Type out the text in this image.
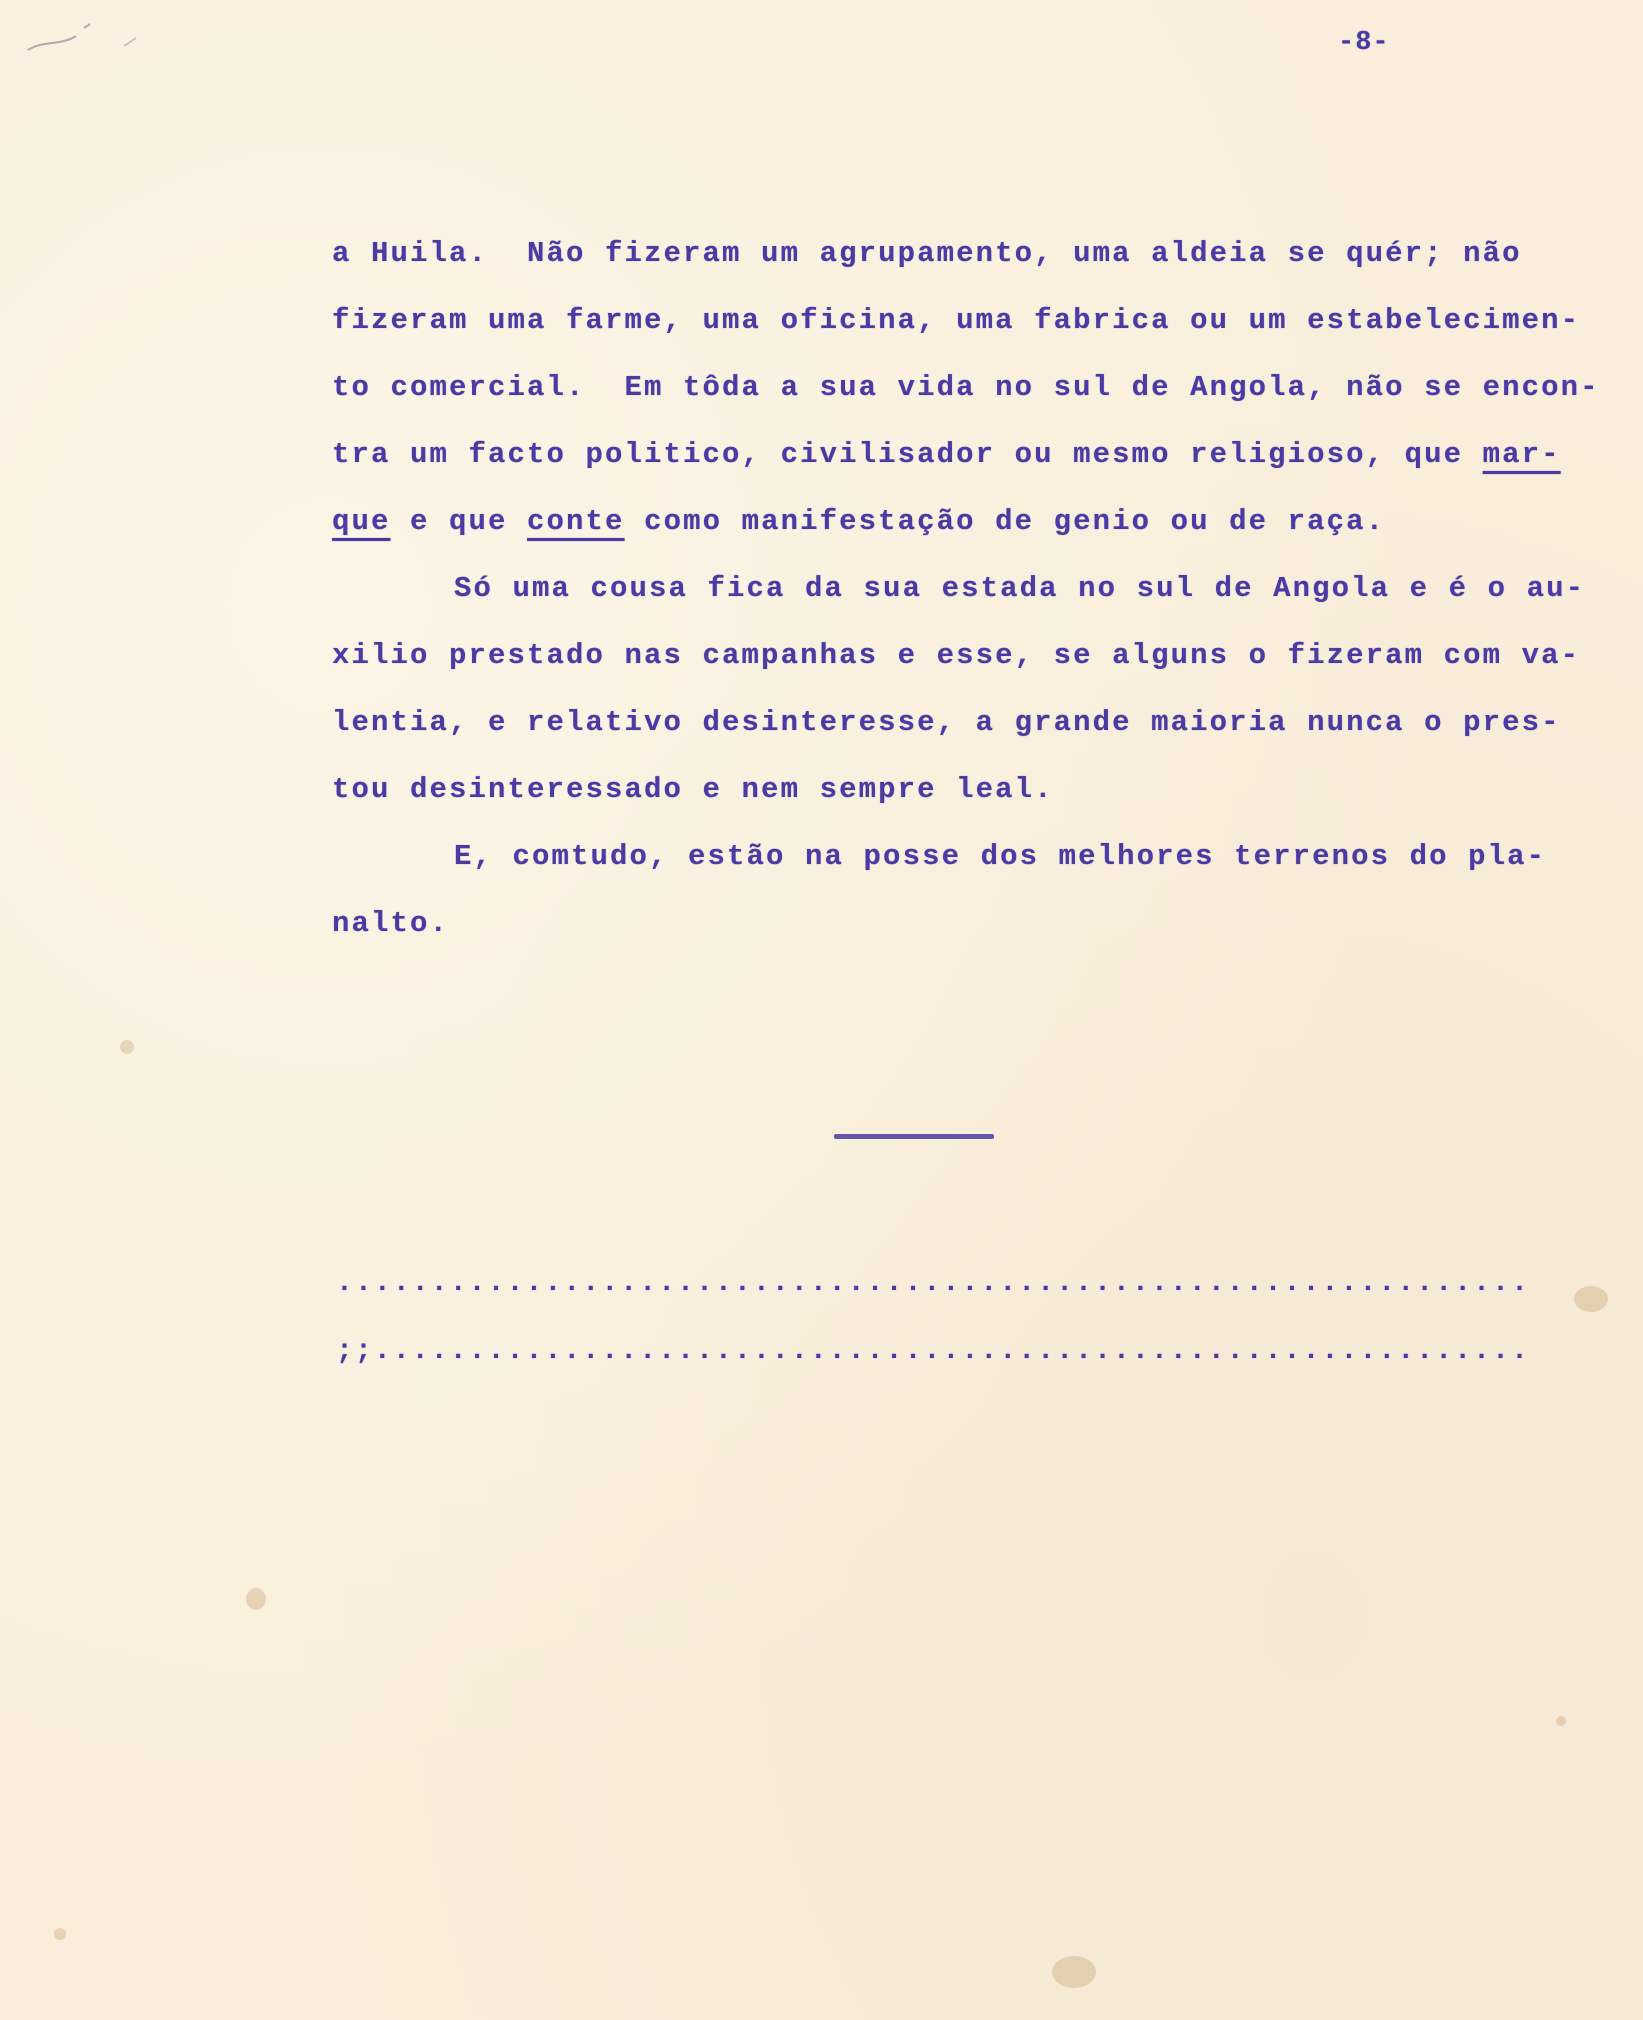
-8-
a Huila.  Não fizeram um agrupamento, uma aldeia se quér; não
fizeram uma farme, uma oficina, uma fabrica ou um estabelecimen-
to comercial.  Em tôda a sua vida no sul de Angola, não se encon-
tra um facto politico, civilisador ou mesmo religioso, que mar-
que e que conte como manifestação de genio ou de raça.
Só uma cousa fica da sua estada no sul de Angola e é o au-
xilio prestado nas campanhas e esse, se alguns o fizeram com va-
lentia, e relativo desinteresse, a grande maioria nunca o pres-
tou desinteressado e nem sempre leal.
E, comtudo, estão na posse dos melhores terrenos do pla-
nalto.
...............................................................
;;.............................................................
